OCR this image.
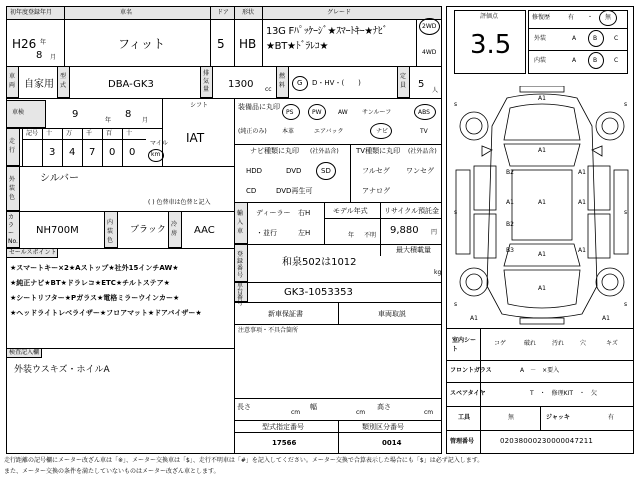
初年度登録年月	車名	ドア 形状	グレード
H26 年
8 月
フィット	5 HB
13G Fﾊﾟｯｹｰｼﾞ★ｽﾏｰﾄｷｰ★ﾅﾋﾞ★BT★ﾄﾞﾗﾚｺ★
2WD
4WD
車両 自家用
型式	DBA-GK3
排気量 1300 cc
燃料 G D・HV・(　　)
定員 5
人
車検	9
年
8
月
シフト
IAT
走行
記号 十 万 千 百 十
3 4 7 0 0
マイル
km
外装色
シルバー
( ) 色替車は色替と記入
カラーNo.
NH700M
内装色
ブラック
冷房 AAC
セールスポイント
★スマートキー×2★Aストップ★社外15インチAW★
★純正ナビ★BT★ドラレコ★ETC★チルトステア★
★シートリフター★Pガラス★電格ミラーウインカー★
★ヘッドライトレベライザー★フロアマット★ドアバイザー★
検査記入欄
外装ウスキズ・ホイルA
装備品に丸印
(純正のみ)
PS	PW	AW サンルーフ	ABS
本革	エアバック	ナビ	TV
ナビ種類に丸印 (社外品含) TV種類に丸印 (社外品含)
HDD	DVD	SD
CD	DVD再生可
フルセグ ワンセグ
アナログ
輸入車
ディーラー
・並行
右H
左H
モデル年式
年 不明
リサイクル預託金
9,880 円
登録番号
和泉502は1012
最大積載量
kg
車台番号
GK3-1053353
新車保証書	車両取説
注意事項・不具合箇所
長さ
cm
幅
cm
高さ
cm
型式指定番号
17566
類別区分番号
0014
評価点
3.5
修復歴	有 ・ 無
外装	A	B	C
内装	A	B	C
A1
A1
A1
B2
A1
B2
A1
A1
B3	A1
A1
A1
A1	A1
s	s
s	s
s	s
室内シート
コゲ	破れ	汚れ	穴	キズ
フロントガラス	A　－　×要入
スペアタイヤ	T　・　修理KIT　・　欠
工具	無	ジャッキ	有
管理番号	02038000230000047211
走行距離の記号欄にメーター改ざん車は「※」、メーター交換車は「$」、走行不明車は「#」を記入してください。メーター交換で合算表示した場合にも「$」は必ず記入します。
また、メーター交換の条件を満たしていないものはメーター改ざん車とします。
